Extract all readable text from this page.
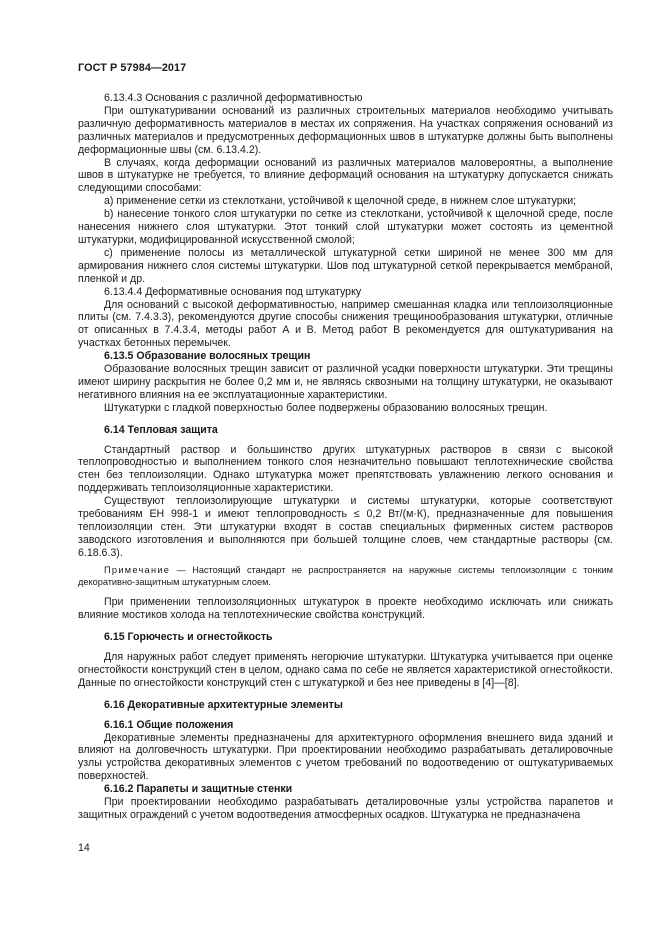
ГОСТ Р 57984—2017

6.13.4.3 Основания с различной деформативностью

При оштукатуривании оснований из различных строительных материалов необходимо учитывать различную деформативность материалов в местах их сопряжения. На участках сопряжения оснований из различных материалов и предусмотренных деформационных швов в штукатурке должны быть выполнены деформационные швы (см. 6.13.4.2).

В случаях, когда деформации оснований из различных материалов маловероятны, а выполнение швов в штукатурке не требуется, то влияние деформаций основания на штукатурку допускается снижать следующими способами:

а) применение сетки из стеклоткани, устойчивой к щелочной среде, в нижнем слое штукатурки;

b) нанесение тонкого слоя штукатурки по сетке из стеклоткани, устойчивой к щелочной среде, после нанесения нижнего слоя штукатурки. Этот тонкий слой штукатурки может состоять из цементной штукатурки, модифицированной искусственной смолой;

с) применение полосы из металлической штукатурной сетки шириной не менее 300 мм для армирования нижнего слоя системы штукатурки. Шов под штукатурной сеткой перекрывается мембраной, пленкой и др.

6.13.4.4 Деформативные основания под штукатурку

Для оснований с высокой деформативностью, например смешанная кладка или теплоизоляционные плиты (см. 7.4.3.3), рекомендуются другие способы снижения трещинообразования штукатурки, отличные от описанных в 7.4.3.4, методы работ А и В. Метод работ В рекомендуется для оштукатуривания на участках бетонных перемычек.

6.13.5 Образование волосяных трещин

Образование волосяных трещин зависит от различной усадки поверхности штукатурки. Эти трещины имеют ширину раскрытия не более 0,2 мм и, не являясь сквозными на толщину штукатурки, не оказывают негативного влияния на ее эксплуатационные характеристики.

Штукатурки с гладкой поверхностью более подвержены образованию волосяных трещин.

6.14 Тепловая защита

Стандартный раствор и большинство других штукатурных растворов в связи с высокой теплопроводностью и выполнением тонкого слоя незначительно повышают теплотехнические свойства стен без теплоизоляции. Однако штукатурка может препятствовать увлажнению легкого основания и поддерживать теплоизоляционные характеристики.

Существуют теплоизолирующие штукатурки и системы штукатурки, которые соответствуют требованиям ЕН 998-1 и имеют теплопроводность ≤ 0,2 Вт/(м·К), предназначенные для повышения теплоизоляции стен. Эти штукатурки входят в состав специальных фирменных систем растворов заводского изготовления и выполняются при большей толщине слоев, чем стандартные растворы (см. 6.18.6.3).

Примечание — Настоящий стандарт не распространяется на наружные системы теплоизоляции с тонким декоративно-защитным штукатурным слоем.

При применении теплоизоляционных штукатурок в проекте необходимо исключать или снижать влияние мостиков холода на теплотехнические свойства конструкций.

6.15 Горючесть и огнестойкость

Для наружных работ следует применять негорючие штукатурки. Штукатурка учитывается при оценке огнестойкости конструкций стен в целом, однако сама по себе не является характеристикой огнестойкости. Данные по огнестойкости конструкций стен с штукатуркой и без нее приведены в [4]—[8].

6.16 Декоративные архитектурные элементы

6.16.1 Общие положения

Декоративные элементы предназначены для архитектурного оформления внешнего вида зданий и влияют на долговечность штукатурки. При проектировании необходимо разрабатывать деталировочные узлы устройства декоративных элементов с учетом требований по водоотведению от оштукатуриваемых поверхностей.

6.16.2 Парапеты и защитные стенки

При проектировании необходимо разрабатывать деталировочные узлы устройства парапетов и защитных ограждений с учетом водоотведения атмосферных осадков. Штукатурка не предназначена

14
